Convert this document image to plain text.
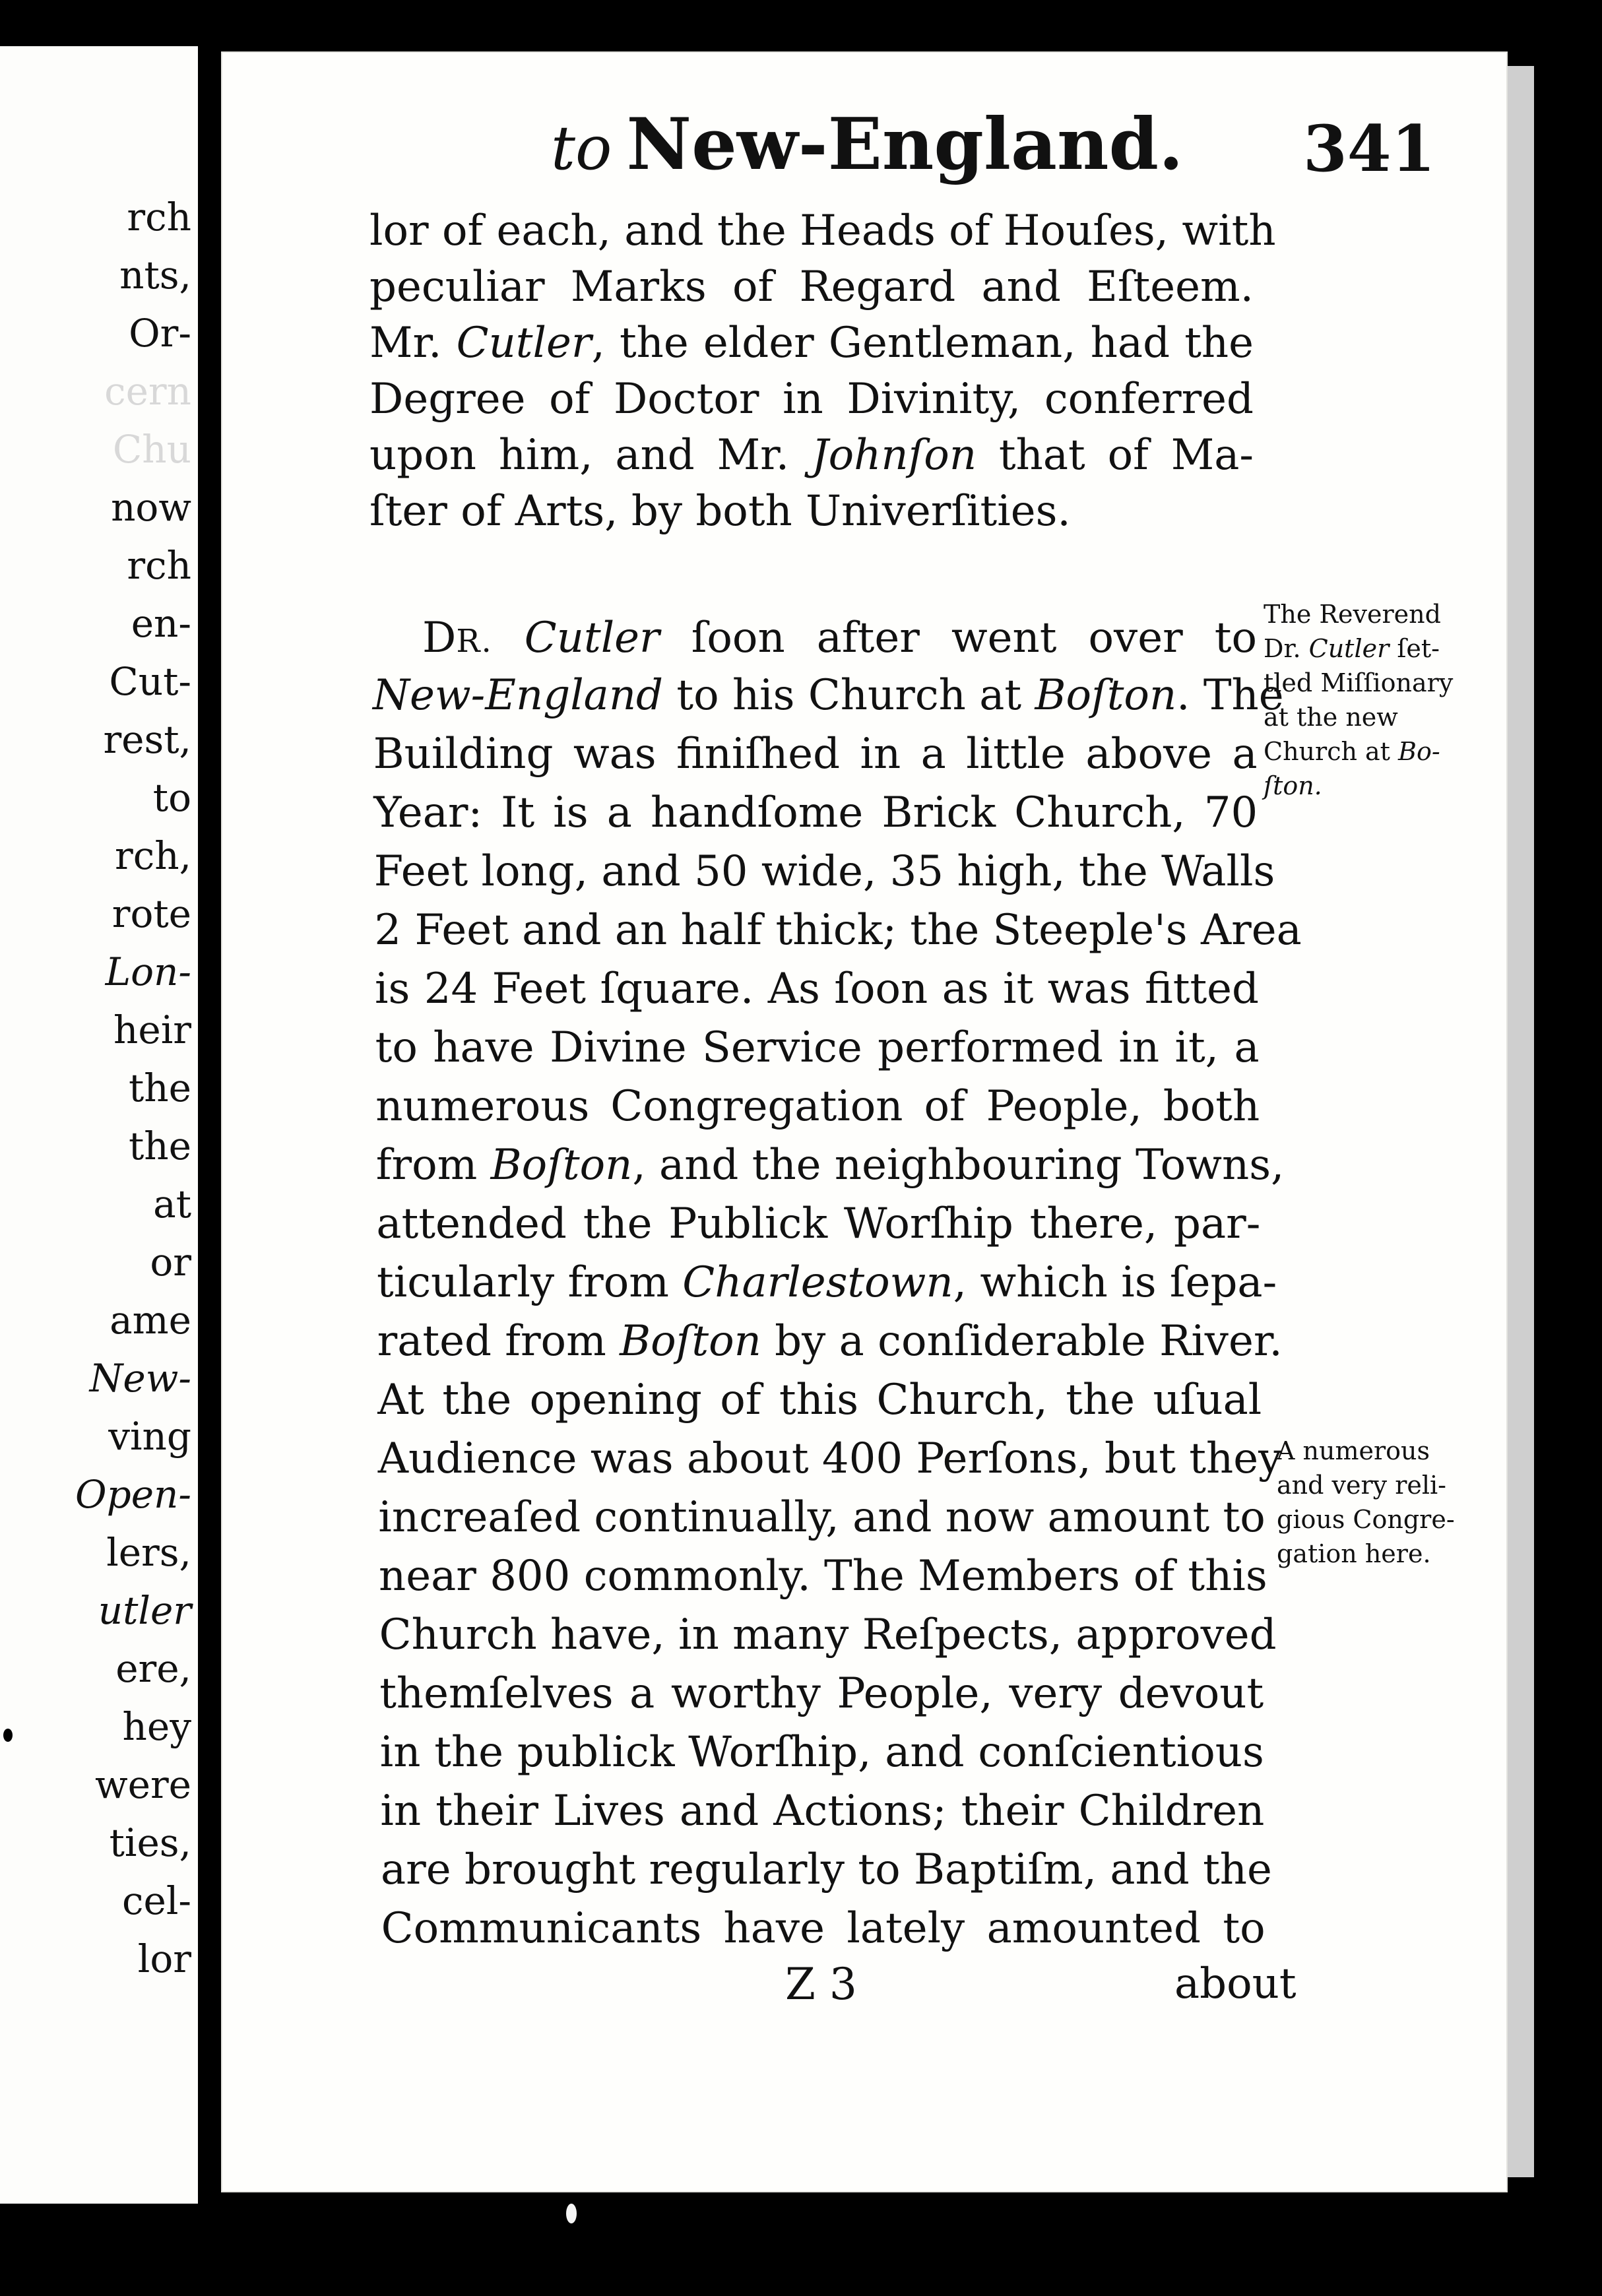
rch
nts,
Or-
cern
Chu
now
rch
en-
Cut-
rest,
to
rch,
rote
Lon-
heir
the
the
at
or
ame
New-
ving
Open-
lers,
utler
ere,
hey
were
ties,
cel-
lor
to New-England. 341
lor of each, and the Heads of Houſes, with
peculiar Marks of Regard and Eſteem.
Mr. Cutler, the elder Gentleman, had the
Degree of Doctor in Divinity, conferred
upon him, and Mr. Johnſon that of Ma-
ſter of Arts, by both Univerſities.
DR. Cutler ſoon after went over to
New-England to his Church at Boſton. The
Building was finiſhed in a little above a
Year: It is a handſome Brick Church, 70
Feet long, and 50 wide, 35 high, the Walls
2 Feet and an half thick; the Steeple's Area
is 24 Feet ſquare. As ſoon as it was fitted
to have Divine Service performed in it, a
numerous Congregation of People, both
from Boſton, and the neighbouring Towns,
attended the Publick Worſhip there, par-
ticularly from Charlestown, which is ſepa-
rated from Boſton by a conſiderable River.
At the opening of this Church, the uſual
Audience was about 400 Perſons, but they
increaſed continually, and now amount to
near 800 commonly. The Members of this
Church have, in many Reſpects, approved
themſelves a worthy People, very devout
in the publick Worſhip, and conſcientious
in their Lives and Actions; their Children
are brought regularly to Baptiſm, and the
Communicants have lately amounted to
The Reverend
Dr. Cutler ſet-
tled Miſſionary
at the new
Church at Bo-
ſton.
A numerous
and very reli-
gious Congre-
gation here.
Z 3	about
